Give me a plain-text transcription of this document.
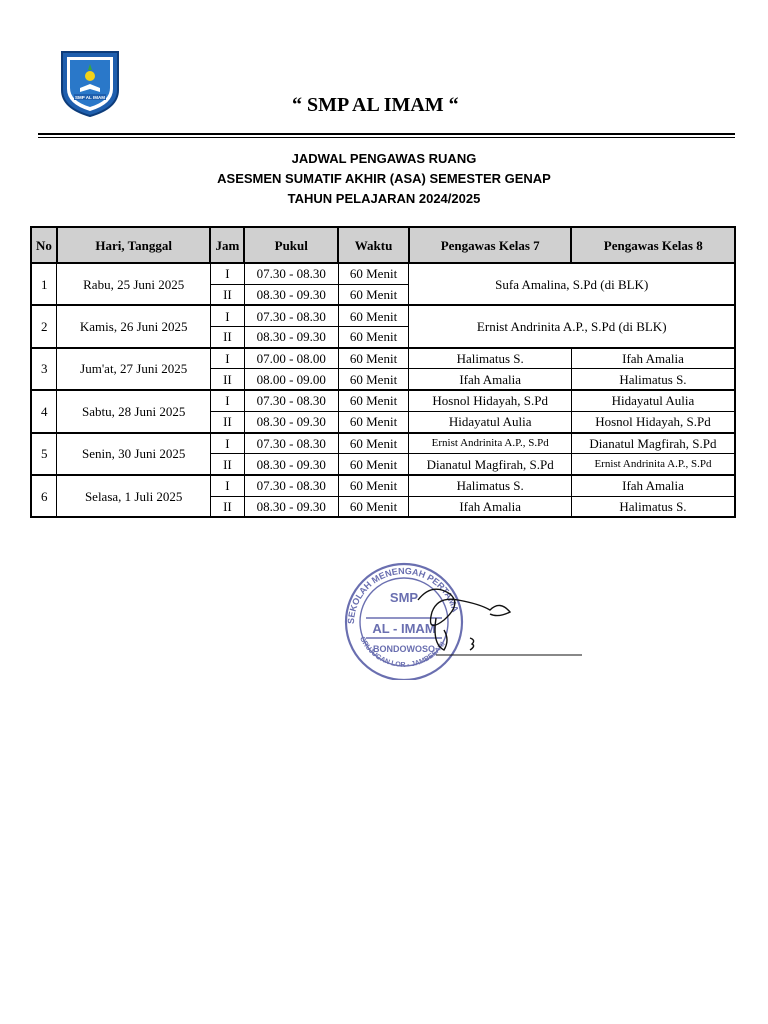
SMP AL IMAM	“ SMP AL IMAM “
JADWAL PENGAWAS RUANG
ASESMEN SUMATIF AKHIR (ASA) SEMESTER GENAP
TAHUN PELAJARAN 2024/2025
No	Hari, Tanggal	Jam	Pukul	Waktu	Pengawas Kelas 7	Pengawas Kelas 8
1	Rabu, 25 Juni 2025	I	07.30 - 08.30	60 Menit	Sufa Amalina, S.Pd (di BLK)	
		II	08.30 - 09.30	60 Menit		
2	Kamis, 26 Juni 2025	I	07.30 - 08.30	60 Menit	Ernist Andrinita A.P., S.Pd (di BLK)	
		II	08.30 - 09.30	60 Menit		
3	Jum'at, 27 Juni 2025	I	07.00 - 08.00	60 Menit	Halimatus S.	Ifah Amalia
		II	08.00 - 09.00	60 Menit	Ifah Amalia	Halimatus S.
4	Sabtu, 28 Juni 2025	I	07.30 - 08.30	60 Menit	Hosnol Hidayah, S.Pd	Hidayatul Aulia
		II	08.30 - 09.30	60 Menit	Hidayatul Aulia	Hosnol Hidayah, S.Pd
5	Senin, 30 Juni 2025	I	07.30 - 08.30	60 Menit	Ernist Andrinita A.P., S.Pd	Dianatul Magfirah, S.Pd
		II	08.30 - 09.30	60 Menit	Dianatul Magfirah, S.Pd	Ernist Andrinita A.P., S.Pd
6	Selasa, 1 Juli 2025	I	07.30 - 08.30	60 Menit	Halimatus S.	Ifah Amalia
		II	08.30 - 09.30	60 Menit	Ifah Amalia	Halimatus S.
SEKOLAH MENENGAH PERTAMA
GRUJUGAN LOR - JAMBESARI
SMP
AL - IMAM
BONDOWOSO
